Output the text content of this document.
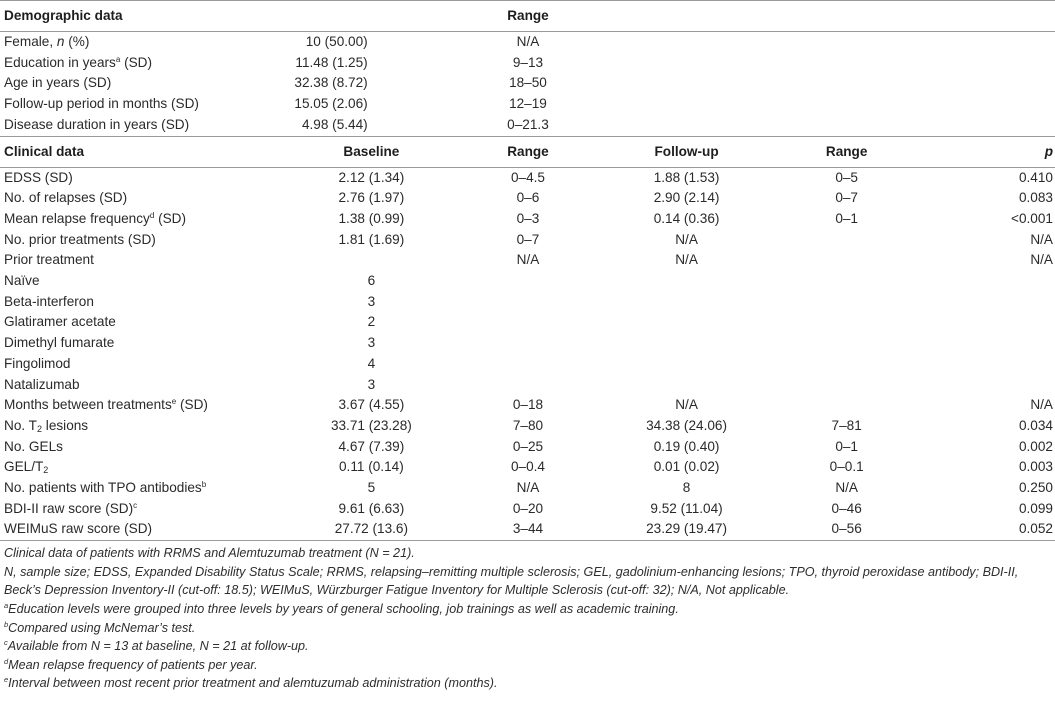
Demographic data		Range			
Female, n (%)	10 (50.00)	N/A			
Education in years$^a$ (SD)	11.48 (1.25)	9–13			
Age in years (SD)	32.38 (8.72)	18–50			
Follow-up period in months (SD)	15.05 (2.06)	12–19			
Disease duration in years (SD)	4.98 (5.44)	0–21.3			
Clinical data	Baseline	Range	Follow-up	Range	p
EDSS (SD)	2.12 (1.34)	0–4.5	1.88 (1.53)	0–5	0.410
No. of relapses (SD)	2.76 (1.97)	0–6	2.90 (2.14)	0–7	0.083
Mean relapse frequency$^d$ (SD)	1.38 (0.99)	0–3	0.14 (0.36)	0–1	<0.001
No. prior treatments (SD)	1.81 (1.69)	0–7	N/A		N/A
Prior treatment		N/A	N/A		N/A
Naïve	6				
Beta-interferon	3				
Glatiramer acetate	2				
Dimethyl fumarate	3				
Fingolimod	4				
Natalizumab	3				
Months between treatments$^e$ (SD)	3.67 (4.55)	0–18	N/A		N/A
No. $T_2$ lesions	33.71 (23.28)	7–80	34.38 (24.06)	7–81	0.034
No. GELs	4.67 (7.39)	0–25	0.19 (0.40)	0–1	0.002
GEL/$T_2$	0.11 (0.14)	0–0.4	0.01 (0.02)	0–0.1	0.003
No. patients with TPO antibodies$^b$	5	N/A	8	N/A	0.250
BDI-II raw score (SD)$^c$	9.61 (6.63)	0–20	9.52 (11.04)	0–46	0.099
WEIMuS raw score (SD)	27.72 (13.6)	3–44	23.29 (19.47)	0–56	0.052
Clinical data of patients with RRMS and Alemtuzumab treatment (N = 21).
N, sample size; EDSS, Expanded Disability Status Scale; RRMS, relapsing–remitting multiple sclerosis; GEL, gadolinium-enhancing lesions; TPO, thyroid peroxidase antibody; BDI-II, Beck’s Depression Inventory-II (cut-off: 18.5); WEIMuS, Würzburger Fatigue Inventory for Multiple Sclerosis (cut-off: 32); N/A, Not applicable.
$^a$Education levels were grouped into three levels by years of general schooling, job trainings as well as academic training.
$^b$Compared using McNemar’s test.
$^c$Available from N = 13 at baseline, N = 21 at follow-up.
$^d$Mean relapse frequency of patients per year.
$^e$Interval between most recent prior treatment and alemtuzumab administration (months).
